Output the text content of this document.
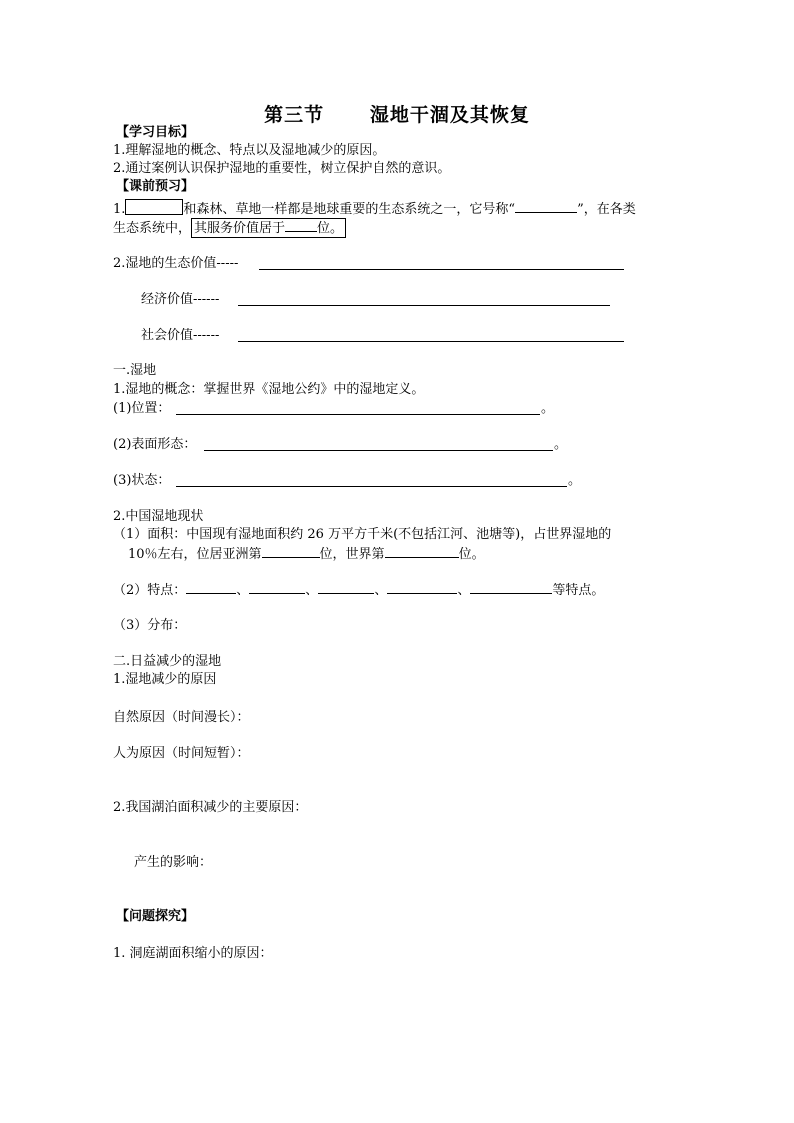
第三节      湿地干涸及其恢复
【学习目标】
1.理解湿地的概念、特点以及湿地减少的原因。
2.通过案例认识保护湿地的重要性，树立保护自然的意识。
【课前预习】
1.	和森林、草地一样都是地球重要的生态系统之一，它号称“	”，在各类
生态系统中， 其服务价值居于 位。
2.湿地的生态价值-----
经济价值------
社会价值------
一.湿地
1.湿地的概念：掌握世界《湿地公约》中的湿地定义。
(1)位置：	。
(2)表面形态：	。
(3)状态：	。
2.中国湿地现状
（1）面积：中国现有湿地面积约 26 万平方千米(不包括江河、池塘等)，占世界湿地的
10％左右，位居亚洲第	位，世界第	位。
（2）特点：	、	、	、	、	等特点。
（3）分布：
二.日益减少的湿地
1.湿地减少的原因
自然原因（时间漫长）：
人为原因（时间短暂）：
2.我国湖泊面积减少的主要原因：
产生的影响：
【问题探究】
1. 洞庭湖面积缩小的原因：
